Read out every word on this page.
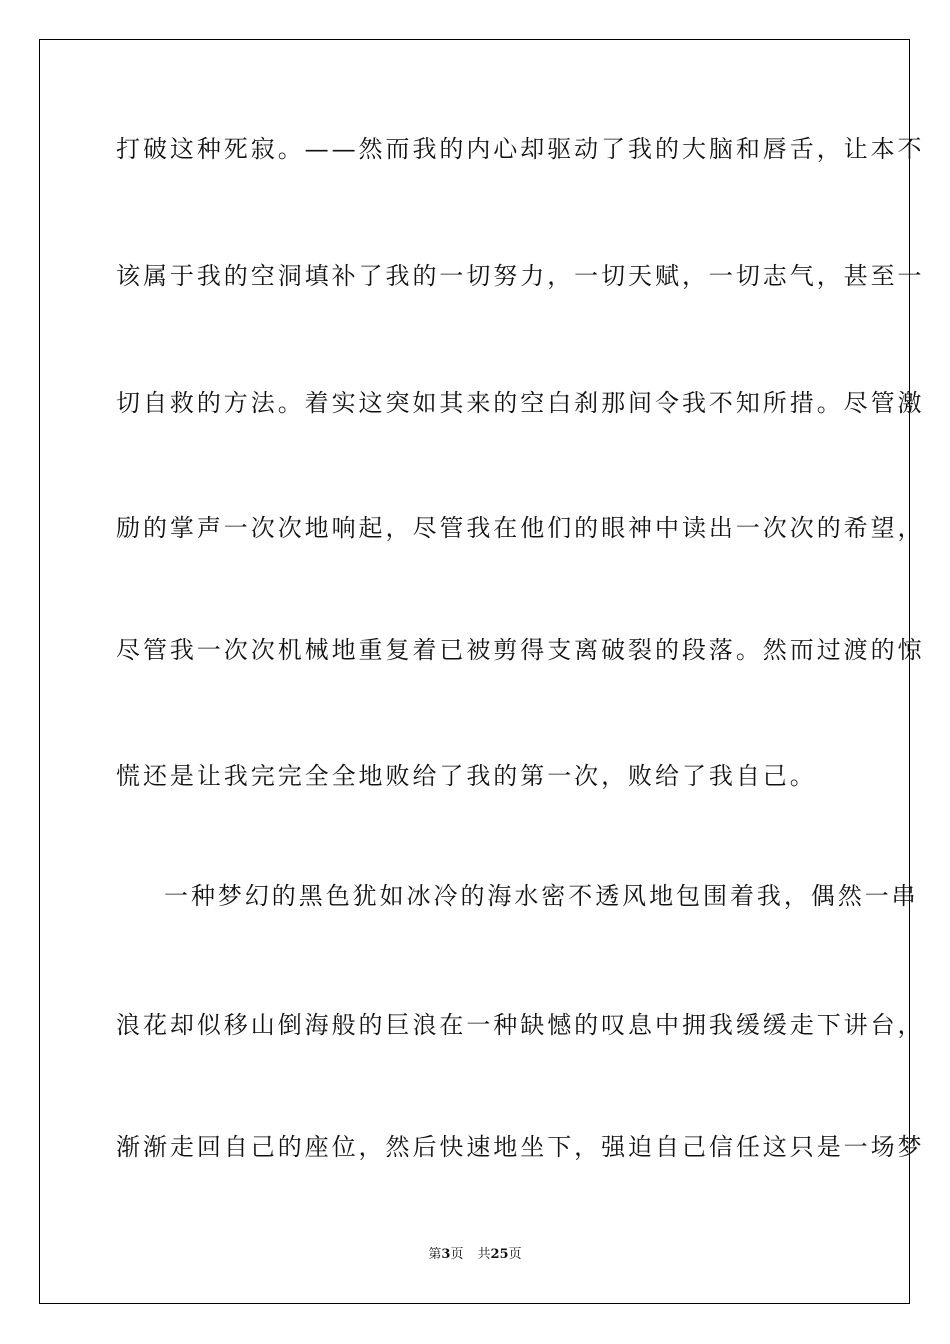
打破这种死寂。——然而我的内心却驱动了我的大脑和唇舌，让本不
该属于我的空洞填补了我的一切努力，一切天赋，一切志气，甚至一
切自救的方法。着实这突如其来的空白刹那间令我不知所措。尽管激
励的掌声一次次地响起，尽管我在他们的眼神中读出一次次的希望，
尽管我一次次机械地重复着已被剪得支离破裂的段落。然而过渡的惊
慌还是让我完完全全地败给了我的第一次，败给了我自己。
一种梦幻的黑色犹如冰冷的海水密不透风地包围着我，偶然一串
浪花却似移山倒海般的巨浪在一种缺憾的叹息中拥我缓缓走下讲台，
渐渐走回自己的座位，然后快速地坐下，强迫自己信任这只是一场梦
第3页 共25页
